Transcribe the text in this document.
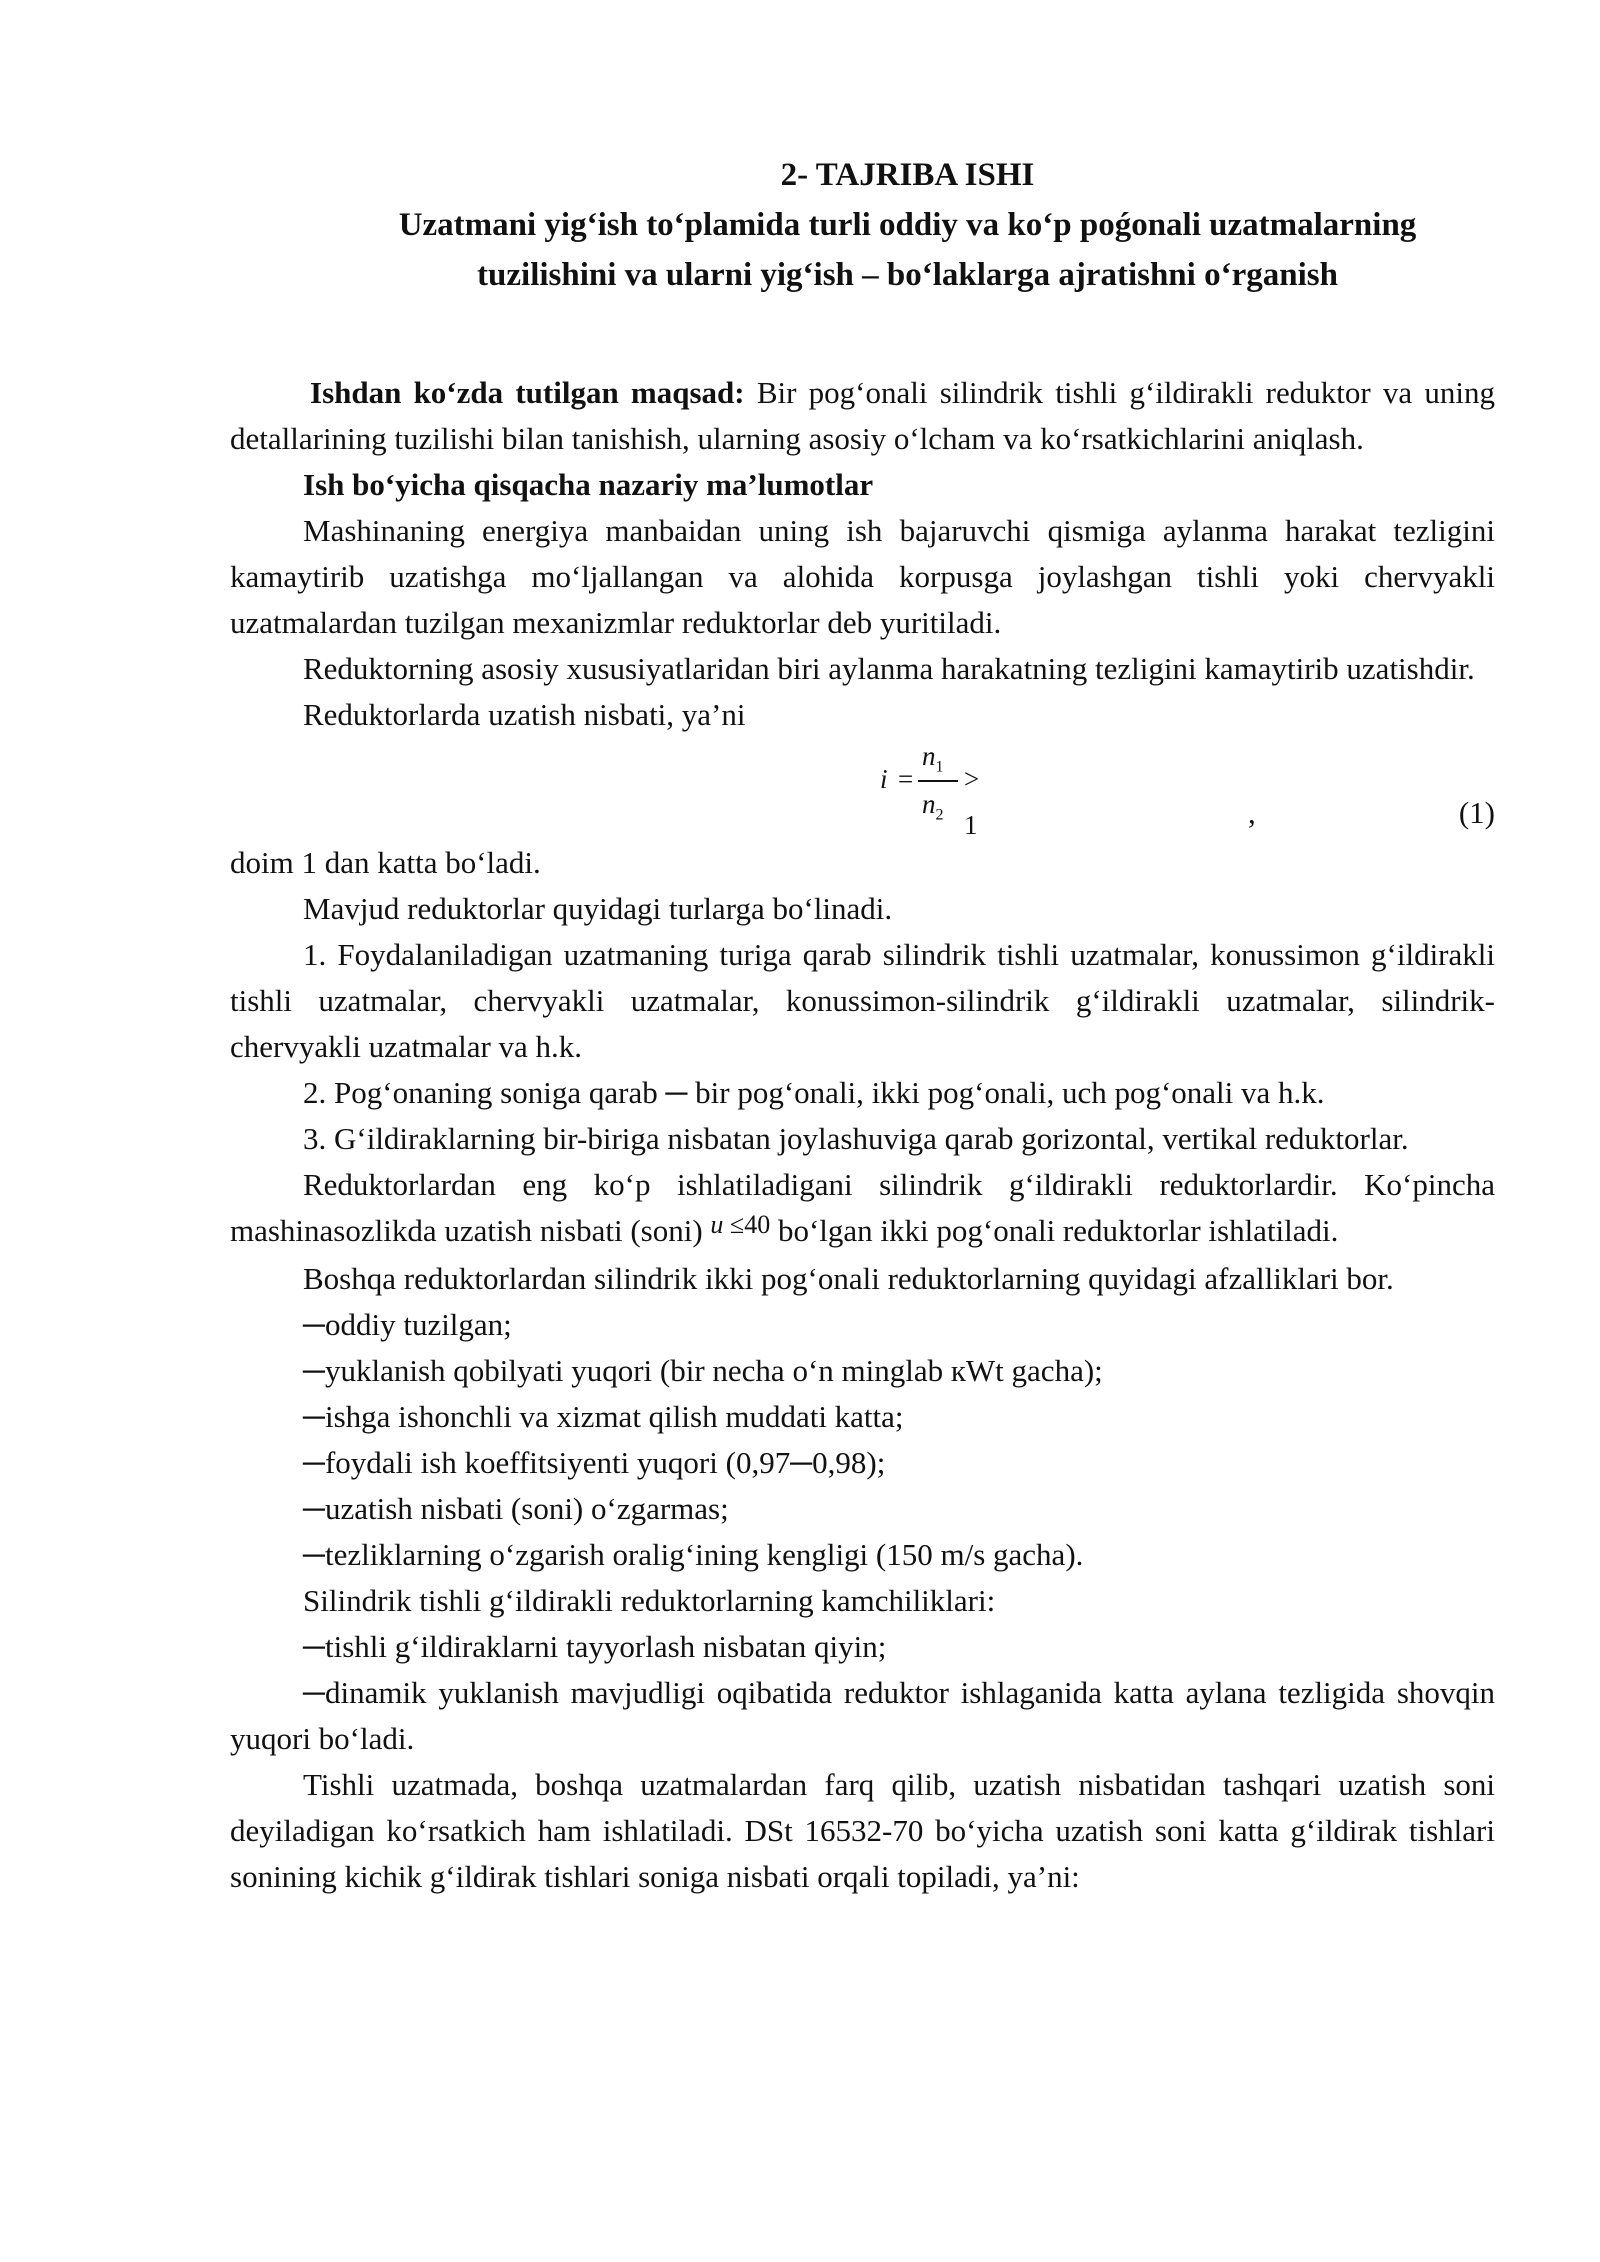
2- TAJRIBA ISHI
Uzatmani yig‘ish to‘plamida turli oddiy va ko‘p poǵonali uzatmalarning
tuzilishini va ularni yig‘ish – bo‘laklarga ajratishni o‘rganish

Ishdan ko‘zda tutilgan maqsad: Bir pog‘onali silindrik tishli g‘ildirakli reduktor va uning detallarining tuzilishi bilan tanishish, ularning asosiy o‘lcham va ko‘rsatkichlarini aniqlash.

Ish bo‘yicha qisqacha nazariy ma’lumotlar

Mashinaning energiya manbaidan uning ish bajaruvchi qismiga aylanma harakat tezligini kamaytirib uzatishga mo‘ljallangan va alohida korpusga joylashgan tishli yoki chervyakli uzatmalardan tuzilgan mexanizmlar reduktorlar deb yuritiladi.

Reduktorning asosiy xususiyatlaridan biri aylanma harakatning tezligini kamaytirib uzatishdir.

Reduktorlarda uzatish nisbati, ya’ni

i =
$n_1$
$n_2$
> 1	,	(1)

doim 1 dan katta bo‘ladi.

Mavjud reduktorlar quyidagi turlarga bo‘linadi.

1. Foydalaniladigan uzatmaning turiga qarab silindrik tishli uzatmalar, konussimon g‘ildirakli tishli uzatmalar, chervyakli uzatmalar, konussimon-silindrik g‘ildirakli uzatmalar, silindrik-chervyakli uzatmalar va h.k.

2. Pog‘onaning soniga qarab ─ bir pog‘onali, ikki pog‘onali, uch pog‘onali va h.k.

3. G‘ildiraklarning bir-biriga nisbatan joylashuviga qarab gorizontal, vertikal reduktorlar.

Reduktorlardan eng ko‘p ishlatiladigani silindrik g‘ildirakli reduktorlardir. Ko‘pincha mashinasozlikda uzatish nisbati (soni) $^{u \le 40}$ bo‘lgan ikki pog‘onali reduktorlar ishlatiladi.

Boshqa reduktorlardan silindrik ikki pog‘onali reduktorlarning quyidagi afzalliklari bor.

─oddiy tuzilgan;

─yuklanish qobilyati yuqori (bir necha o‘n minglab кWt gacha);

─ishga ishonchli va xizmat qilish muddati katta;

─foydali ish koeffitsiyenti yuqori (0,97─0,98);

─uzatish nisbati (soni) o‘zgarmas;

─tezliklarning o‘zgarish oralig‘ining kengligi (150 m/s gacha).

Silindrik tishli g‘ildirakli reduktorlarning kamchiliklari:

─tishli g‘ildiraklarni tayyorlash nisbatan qiyin;

─dinamik yuklanish mavjudligi oqibatida reduktor ishlaganida katta aylana tezligida shovqin yuqori bo‘ladi.

Tishli uzatmada, boshqa uzatmalardan farq qilib, uzatish nisbatidan tashqari uzatish soni deyiladigan ko‘rsatkich ham ishlatiladi. DSt 16532-70 bo‘yicha uzatish soni katta g‘ildirak tishlari sonining kichik g‘ildirak tishlari soniga nisbati orqali topiladi, ya’ni:
